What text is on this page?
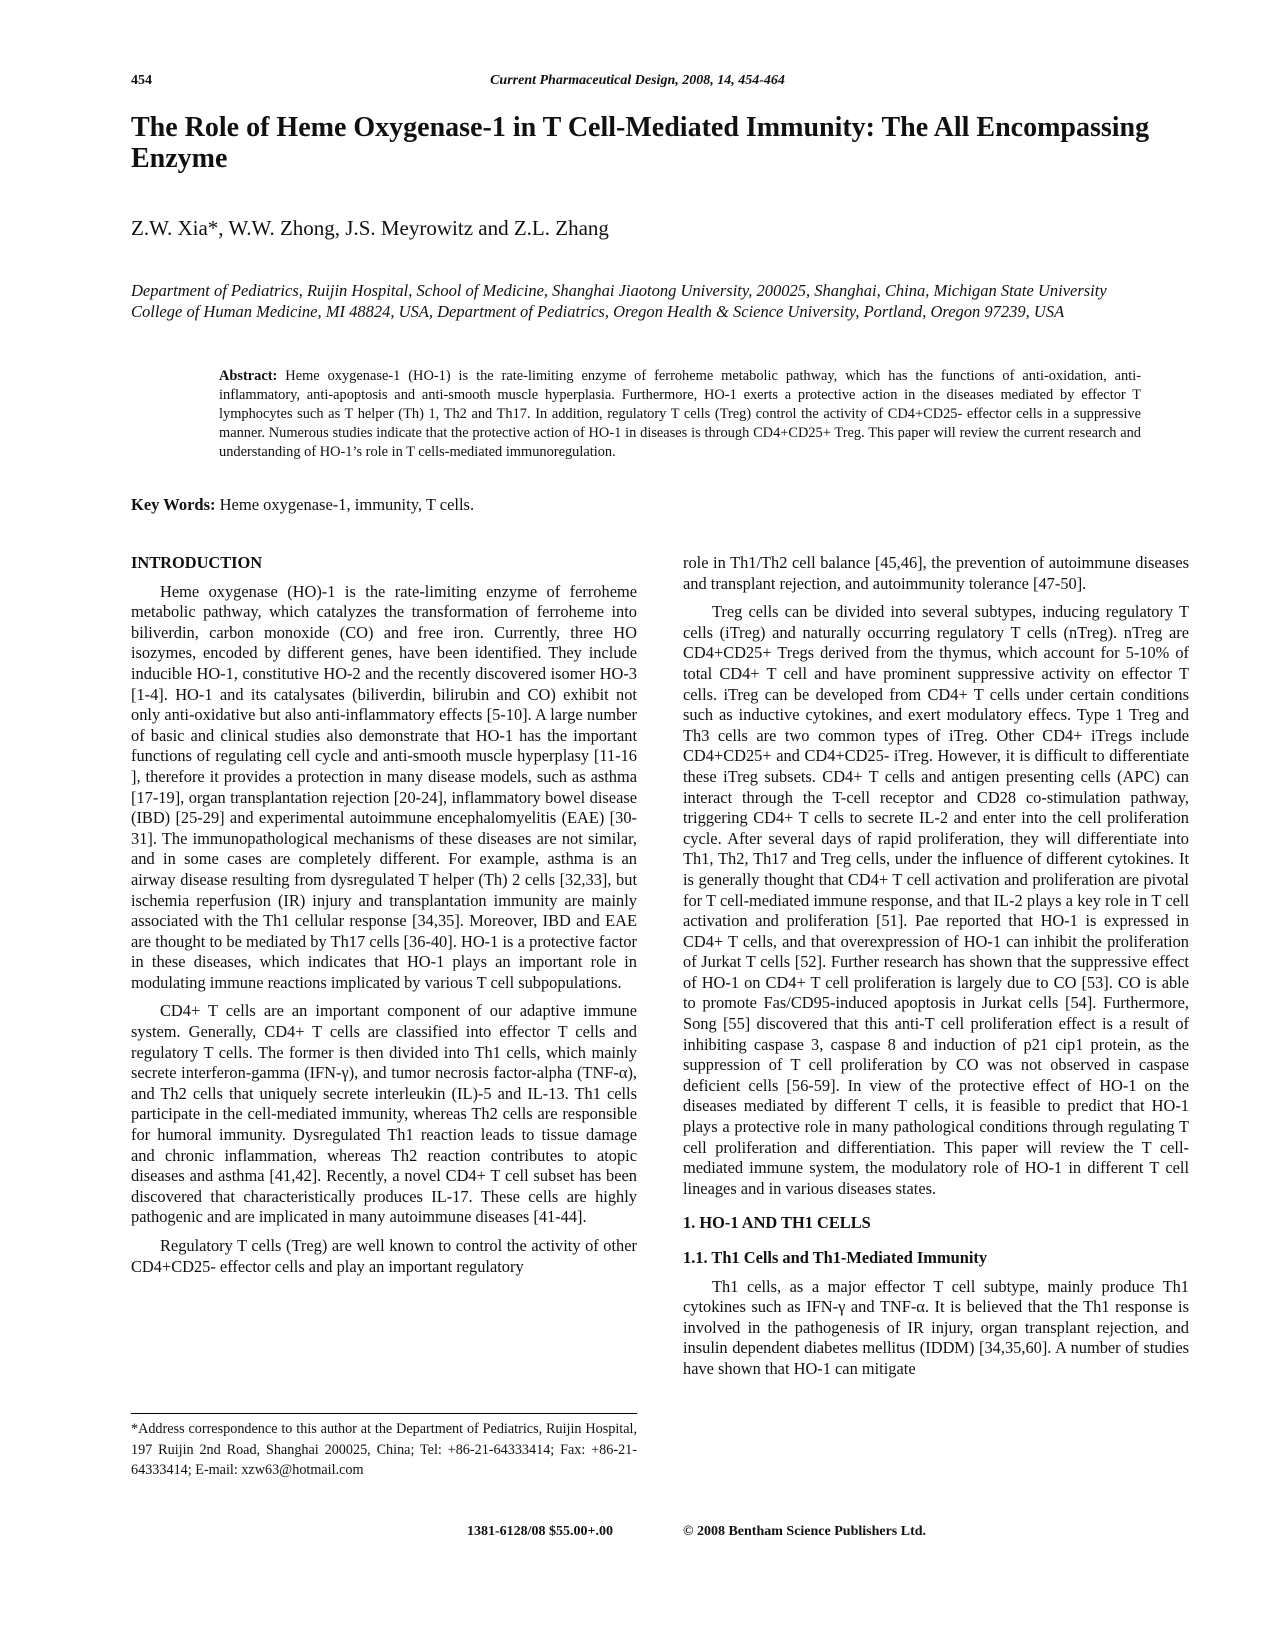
454	Current Pharmaceutical Design, 2008, 14, 454-464
The Role of Heme Oxygenase-1 in T Cell-Mediated Immunity: The All Encompassing Enzyme
Z.W. Xia*, W.W. Zhong, J.S. Meyrowitz and Z.L. Zhang
Department of Pediatrics, Ruijin Hospital, School of Medicine, Shanghai Jiaotong University, 200025, Shanghai, China, Michigan State University College of Human Medicine, MI 48824, USA, Department of Pediatrics, Oregon Health & Science University, Portland, Oregon 97239, USA
Abstract: Heme oxygenase-1 (HO-1) is the rate-limiting enzyme of ferroheme metabolic pathway, which has the functions of anti-oxidation, anti-inflammatory, anti-apoptosis and anti-smooth muscle hyperplasia. Furthermore, HO-1 exerts a protective action in the diseases mediated by effector T lymphocytes such as T helper (Th) 1, Th2 and Th17. In addition, regulatory T cells (Treg) control the activity of CD4+CD25- effector cells in a suppressive manner. Numerous studies indicate that the protective action of HO-1 in diseases is through CD4+CD25+ Treg. This paper will review the current research and understanding of HO-1’s role in T cells-mediated immunoregulation.
Key Words: Heme oxygenase-1, immunity, T cells.
INTRODUCTION

Heme oxygenase (HO)-1 is the rate-limiting enzyme of ferroheme metabolic pathway, which catalyzes the transformation of ferroheme into biliverdin, carbon monoxide (CO) and free iron. Currently, three HO isozymes, encoded by different genes, have been identified. They include inducible HO-1, constitutive HO-2 and the recently discovered isomer HO-3 [1-4]. HO-1 and its catalysates (biliverdin, bilirubin and CO) exhibit not only anti-oxidative but also anti-inflammatory effects [5-10]. A large number of basic and clinical studies also demonstrate that HO-1 has the important functions of regulating cell cycle and anti-smooth muscle hyperplasy [11-16 ], therefore it provides a protection in many disease models, such as asthma [17-19], organ transplantation rejection [20-24], inflammatory bowel disease (IBD) [25-29] and experimental autoimmune encephalomyelitis (EAE) [30-31]. The immunopathological mechanisms of these diseases are not similar, and in some cases are completely different. For example, asthma is an airway disease resulting from dysregulated T helper (Th) 2 cells [32,33], but ischemia reperfusion (IR) injury and transplantation immunity are mainly associated with the Th1 cellular response [34,35]. Moreover, IBD and EAE are thought to be mediated by Th17 cells [36-40]. HO-1 is a protective factor in these diseases, which indicates that HO-1 plays an important role in modulating immune reactions implicated by various T cell subpopulations.

CD4+ T cells are an important component of our adaptive immune system. Generally, CD4+ T cells are classified into effector T cells and regulatory T cells. The former is then divided into Th1 cells, which mainly secrete interferon-gamma (IFN-γ), and tumor necrosis factor-alpha (TNF-α), and Th2 cells that uniquely secrete interleukin (IL)-5 and IL-13. Th1 cells participate in the cell-mediated immunity, whereas Th2 cells are responsible for humoral immunity. Dysregulated Th1 reaction leads to tissue damage and chronic inflammation, whereas Th2 reaction contributes to atopic diseases and asthma [41,42]. Recently, a novel CD4+ T cell subset has been discovered that characteristically produces IL-17. These cells are highly pathogenic and are implicated in many autoimmune diseases [41-44].

Regulatory T cells (Treg) are well known to control the activity of other CD4+CD25- effector cells and play an important regulatory

role in Th1/Th2 cell balance [45,46], the prevention of autoimmune diseases and transplant rejection, and autoimmunity tolerance [47-50].

Treg cells can be divided into several subtypes, inducing regulatory T cells (iTreg) and naturally occurring regulatory T cells (nTreg). nTreg are CD4+CD25+ Tregs derived from the thymus, which account for 5-10% of total CD4+ T cell and have prominent suppressive activity on effector T cells. iTreg can be developed from CD4+ T cells under certain conditions such as inductive cytokines, and exert modulatory effecs. Type 1 Treg and Th3 cells are two common types of iTreg. Other CD4+ iTregs include CD4+CD25+ and CD4+CD25- iTreg. However, it is difficult to differentiate these iTreg subsets. CD4+ T cells and antigen presenting cells (APC) can interact through the T-cell receptor and CD28 co-stimulation pathway, triggering CD4+ T cells to secrete IL-2 and enter into the cell proliferation cycle. After several days of rapid proliferation, they will differentiate into Th1, Th2, Th17 and Treg cells, under the influence of different cytokines. It is generally thought that CD4+ T cell activation and proliferation are pivotal for T cell-mediated immune response, and that IL-2 plays a key role in T cell activation and proliferation [51]. Pae reported that HO-1 is expressed in CD4+ T cells, and that overexpression of HO-1 can inhibit the proliferation of Jurkat T cells [52]. Further research has shown that the suppressive effect of HO-1 on CD4+ T cell proliferation is largely due to CO [53]. CO is able to promote Fas/CD95-induced apoptosis in Jurkat cells [54]. Furthermore, Song [55] discovered that this anti-T cell proliferation effect is a result of inhibiting caspase 3, caspase 8 and induction of p21 cip1 protein, as the suppression of T cell proliferation by CO was not observed in caspase deficient cells [56-59]. In view of the protective effect of HO-1 on the diseases mediated by different T cells, it is feasible to predict that HO-1 plays a protective role in many pathological conditions through regulating T cell proliferation and differentiation. This paper will review the T cell-mediated immune system, the modulatory role of HO-1 in different T cell lineages and in various diseases states.

1. HO-1 AND TH1 CELLS
1.1. Th1 Cells and Th1-Mediated Immunity

Th1 cells, as a major effector T cell subtype, mainly produce Th1 cytokines such as IFN-γ and TNF-α. It is believed that the Th1 response is involved in the pathogenesis of IR injury, organ transplant rejection, and insulin dependent diabetes mellitus (IDDM) [34,35,60]. A number of studies have shown that HO-1 can mitigate

*Address correspondence to this author at the Department of Pediatrics, Ruijin Hospital, 197 Ruijin 2nd Road, Shanghai 200025, China; Tel: +86-21-64333414; Fax: +86-21-64333414; E-mail: xzw63@hotmail.com
1381-6128/08 $55.00+.00	© 2008 Bentham Science Publishers Ltd.
